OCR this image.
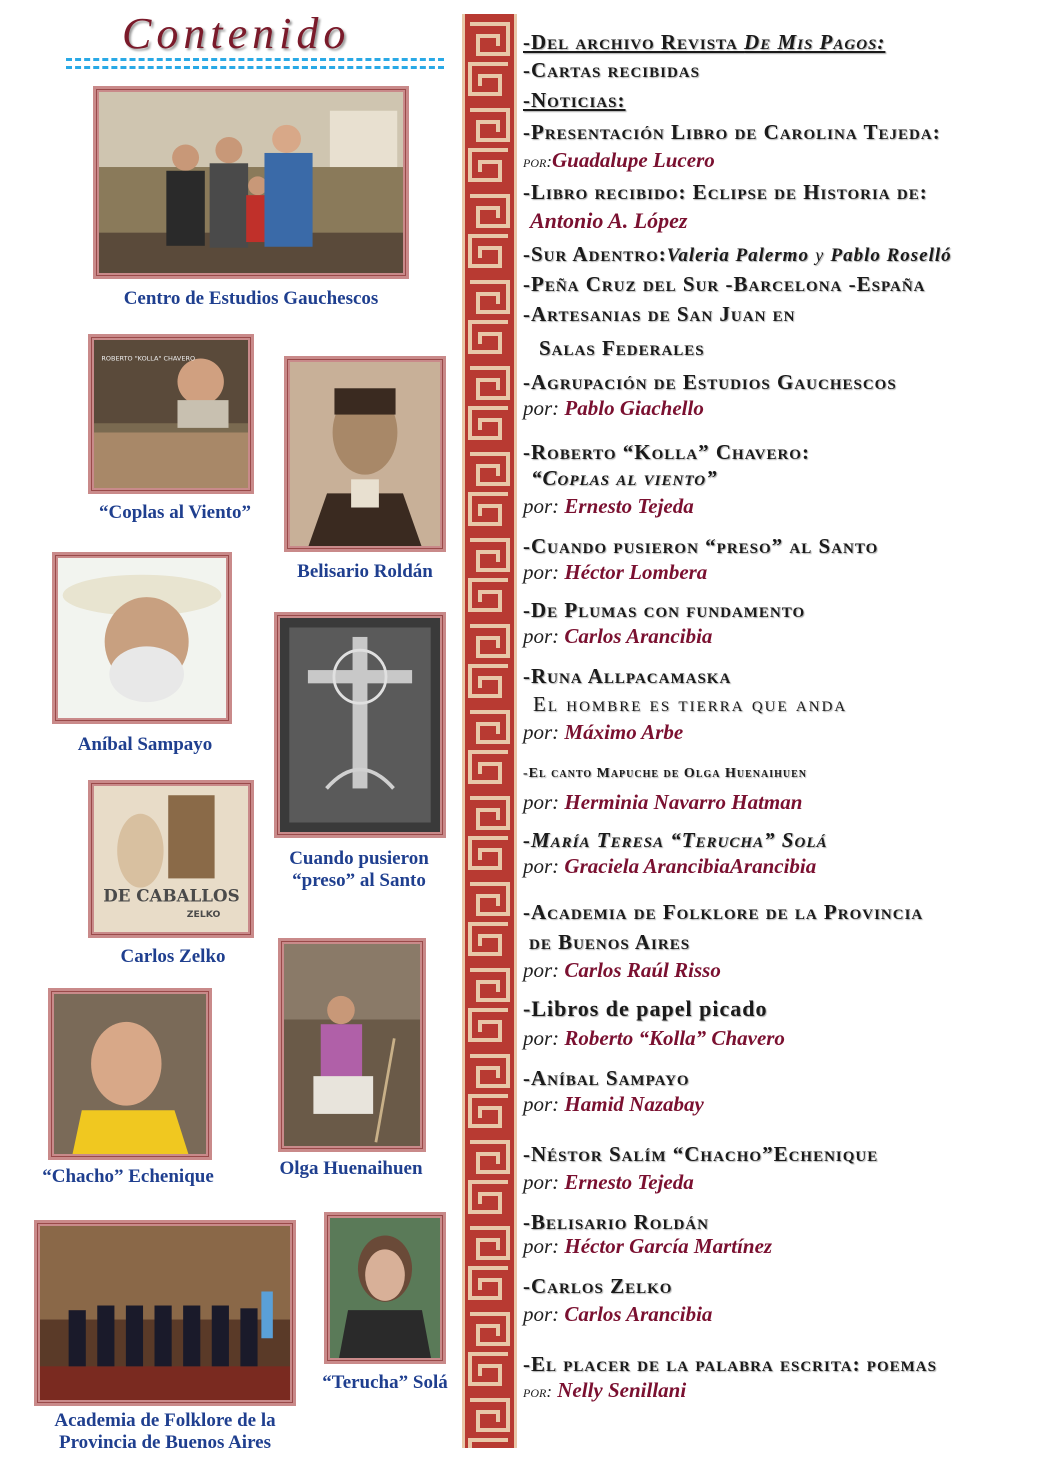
Contenido
Centro de Estudios Gauchescos
ROBERTO "KOLLA" CHAVERO
“Coplas al Viento”
Belisario Roldán
Aníbal Sampayo
Cuando pusieron “preso” al Santo
DE CABALLOS
ZELKO
Carlos Zelko
Olga Huenaihuen
“Chacho” Echenique
Academia de Folklore de la Provincia de Buenos Aires
“Terucha” Solá
-Del archivo Revista De Mis Pagos:
-Cartas recibidas
-Noticias:
-Presentación Libro de Carolina Tejeda:
por:Guadalupe Lucero
-Libro recibido: Eclipse de Historia de:
Antonio A. López
-Sur Adentro:Valeria Palermo y Pablo Roselló
-Peña Cruz del Sur -Barcelona -España
-Artesanias de San Juan en
Salas Federales
-Agrupación de Estudios Gauchescos
por: Pablo Giachello
-Roberto “Kolla” Chavero:
“Coplas al viento”
por: Ernesto Tejeda
-Cuando pusieron “preso” al Santo
por: Héctor Lombera
-De Plumas con fundamento
por: Carlos Arancibia
-Runa Allpacamaska
El hombre es tierra que anda
por: Máximo Arbe
-El canto Mapuche de Olga Huenaihuen
por: Herminia Navarro Hatman
-María Teresa “Terucha” Solá
por: Graciela ArancibiaArancibia
-Academia de Folklore de la Provincia
de Buenos Aires
por: Carlos Raúl Risso
-Libros de papel picado
por: Roberto “Kolla” Chavero
-Aníbal Sampayo
por: Hamid Nazabay
-Néstor Salím “Chacho”Echenique
por: Ernesto Tejeda
-Belisario Roldán
por: Héctor García Martínez
-Carlos Zelko
por: Carlos Arancibia
-El placer de la palabra escrita: poemas
por: Nelly Senillani
